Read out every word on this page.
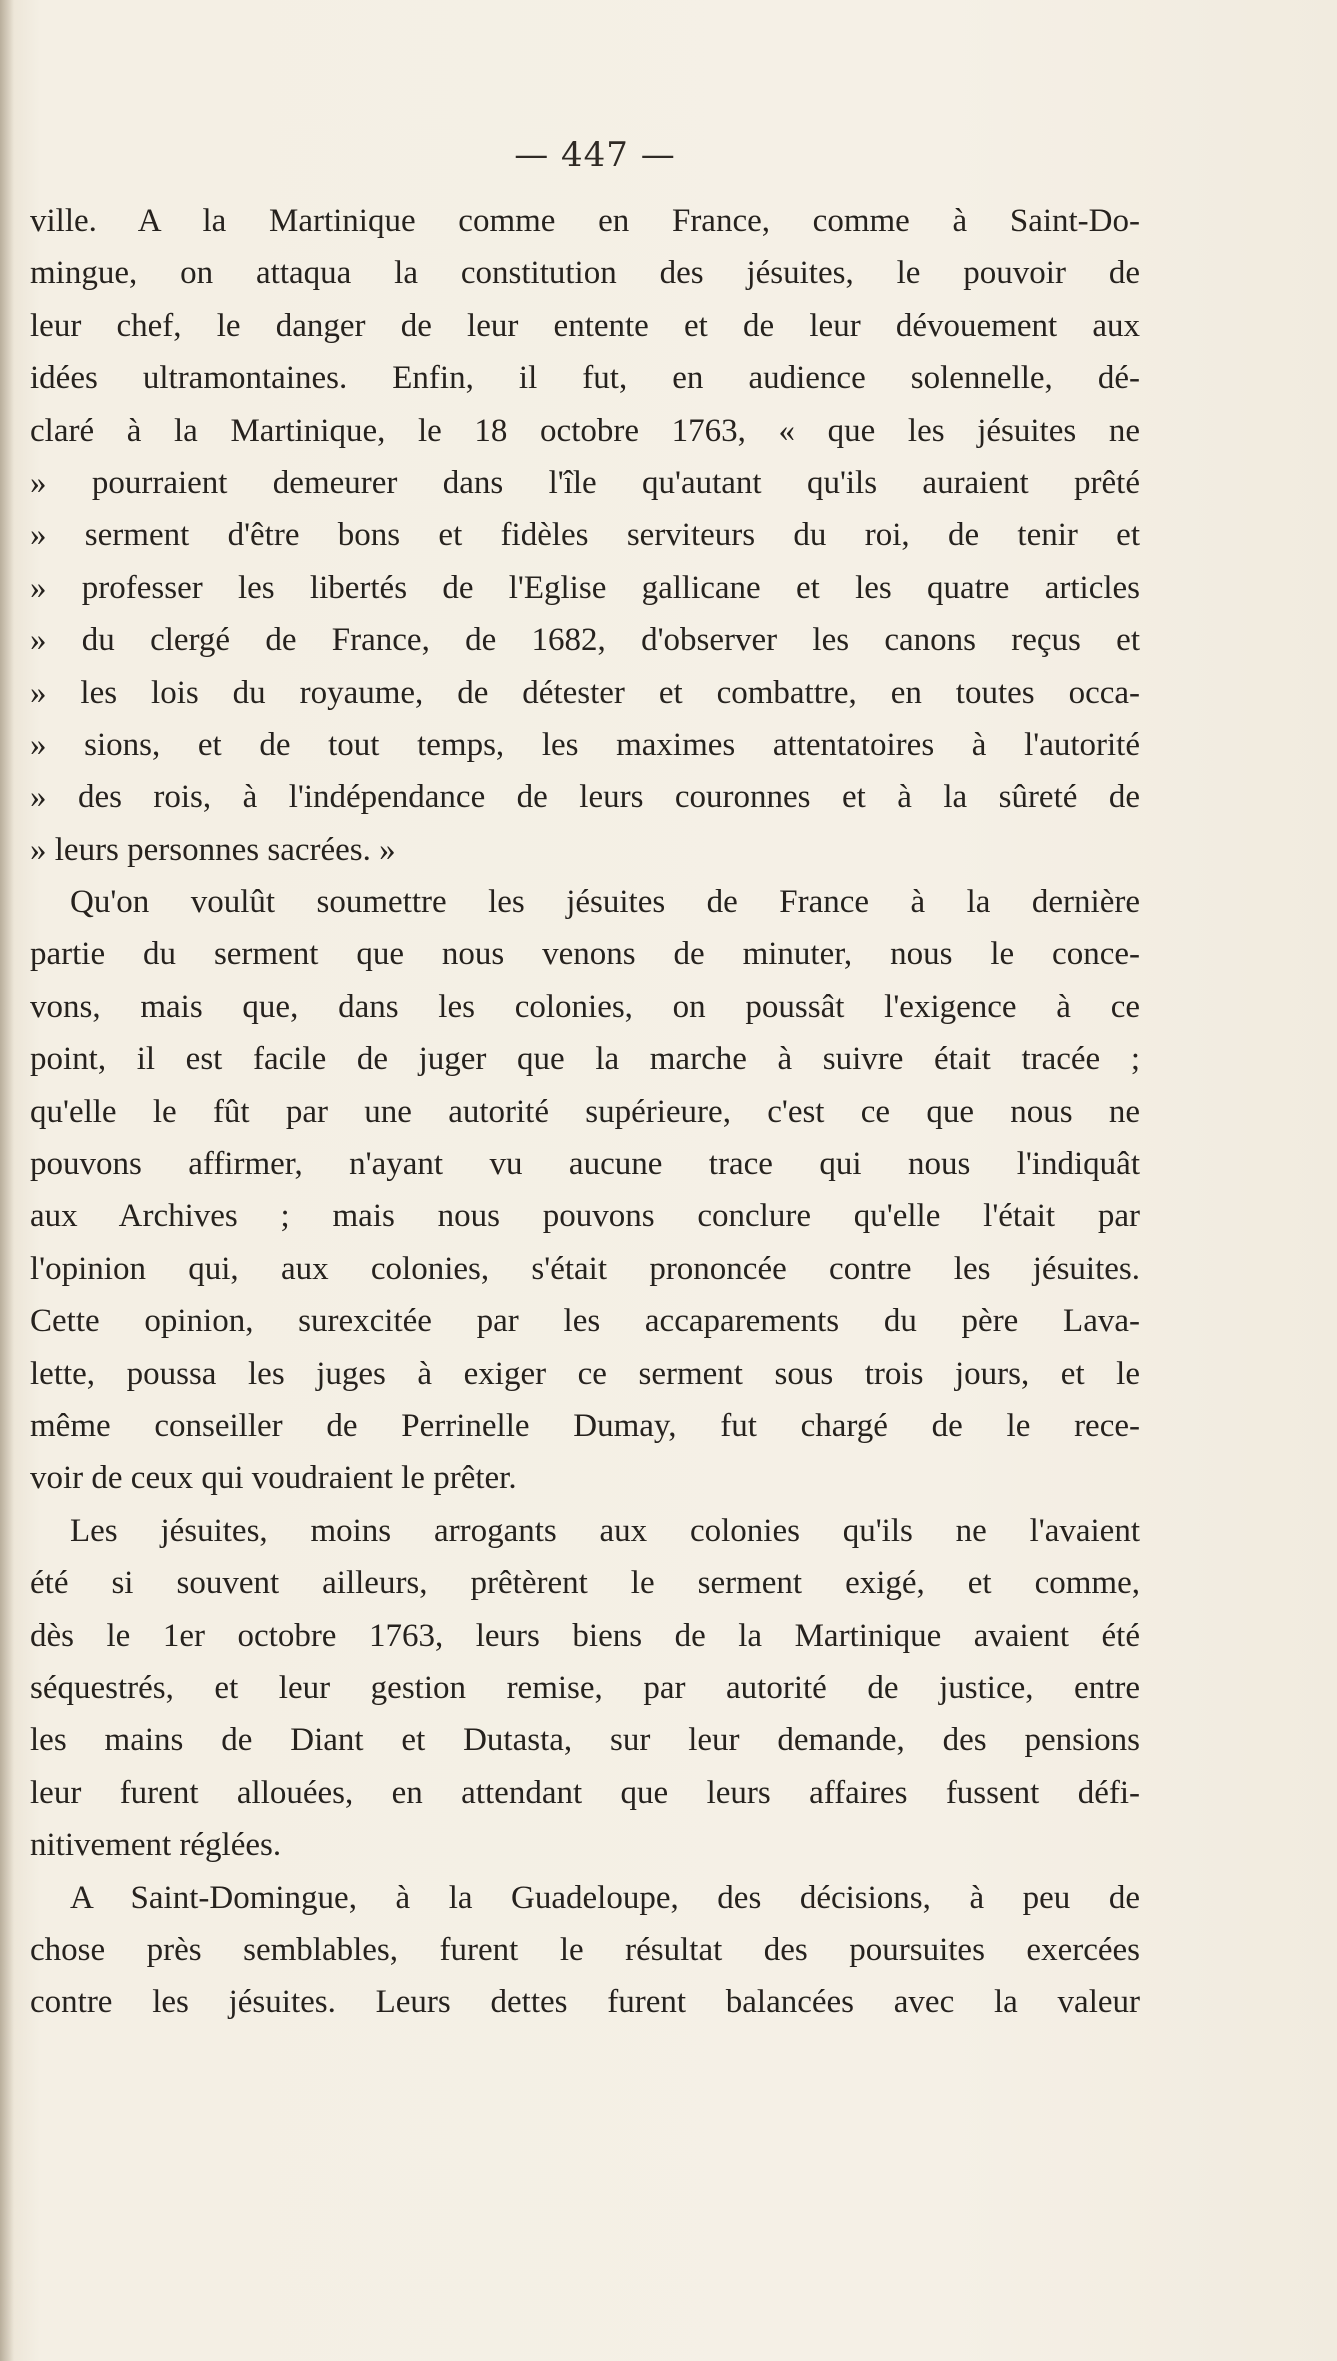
— 447 —
ville. A la Martinique comme en France, comme à Saint-Do-
mingue, on attaqua la constitution des jésuites, le pouvoir de
leur chef, le danger de leur entente et de leur dévouement aux
idées ultramontaines. Enfin, il fut, en audience solennelle, dé-
claré à la Martinique, le 18 octobre 1763, « que les jésuites ne
» pourraient demeurer dans l'île qu'autant qu'ils auraient prêté
» serment d'être bons et fidèles serviteurs du roi, de tenir et
» professer les libertés de l'Eglise gallicane et les quatre articles
» du clergé de France, de 1682, d'observer les canons reçus et
» les lois du royaume, de détester et combattre, en toutes occa-
» sions, et de tout temps, les maximes attentatoires à l'autorité
» des rois, à l'indépendance de leurs couronnes et à la sûreté de
» leurs personnes sacrées. »
Qu'on voulût soumettre les jésuites de France à la dernière
partie du serment que nous venons de minuter, nous le conce-
vons, mais que, dans les colonies, on poussât l'exigence à ce
point, il est facile de juger que la marche à suivre était tracée ;
qu'elle le fût par une autorité supérieure, c'est ce que nous ne
pouvons affirmer, n'ayant vu aucune trace qui nous l'indiquât
aux Archives ; mais nous pouvons conclure qu'elle l'était par
l'opinion qui, aux colonies, s'était prononcée contre les jésuites.
Cette opinion, surexcitée par les accaparements du père Lava-
lette, poussa les juges à exiger ce serment sous trois jours, et le
même conseiller de Perrinelle Dumay, fut chargé de le rece-
voir de ceux qui voudraient le prêter.
Les jésuites, moins arrogants aux colonies qu'ils ne l'avaient
été si souvent ailleurs, prêtèrent le serment exigé, et comme,
dès le 1er octobre 1763, leurs biens de la Martinique avaient été
séquestrés, et leur gestion remise, par autorité de justice, entre
les mains de Diant et Dutasta, sur leur demande, des pensions
leur furent allouées, en attendant que leurs affaires fussent défi-
nitivement réglées.
A Saint-Domingue, à la Guadeloupe, des décisions, à peu de
chose près semblables, furent le résultat des poursuites exercées
contre les jésuites. Leurs dettes furent balancées avec la valeur
